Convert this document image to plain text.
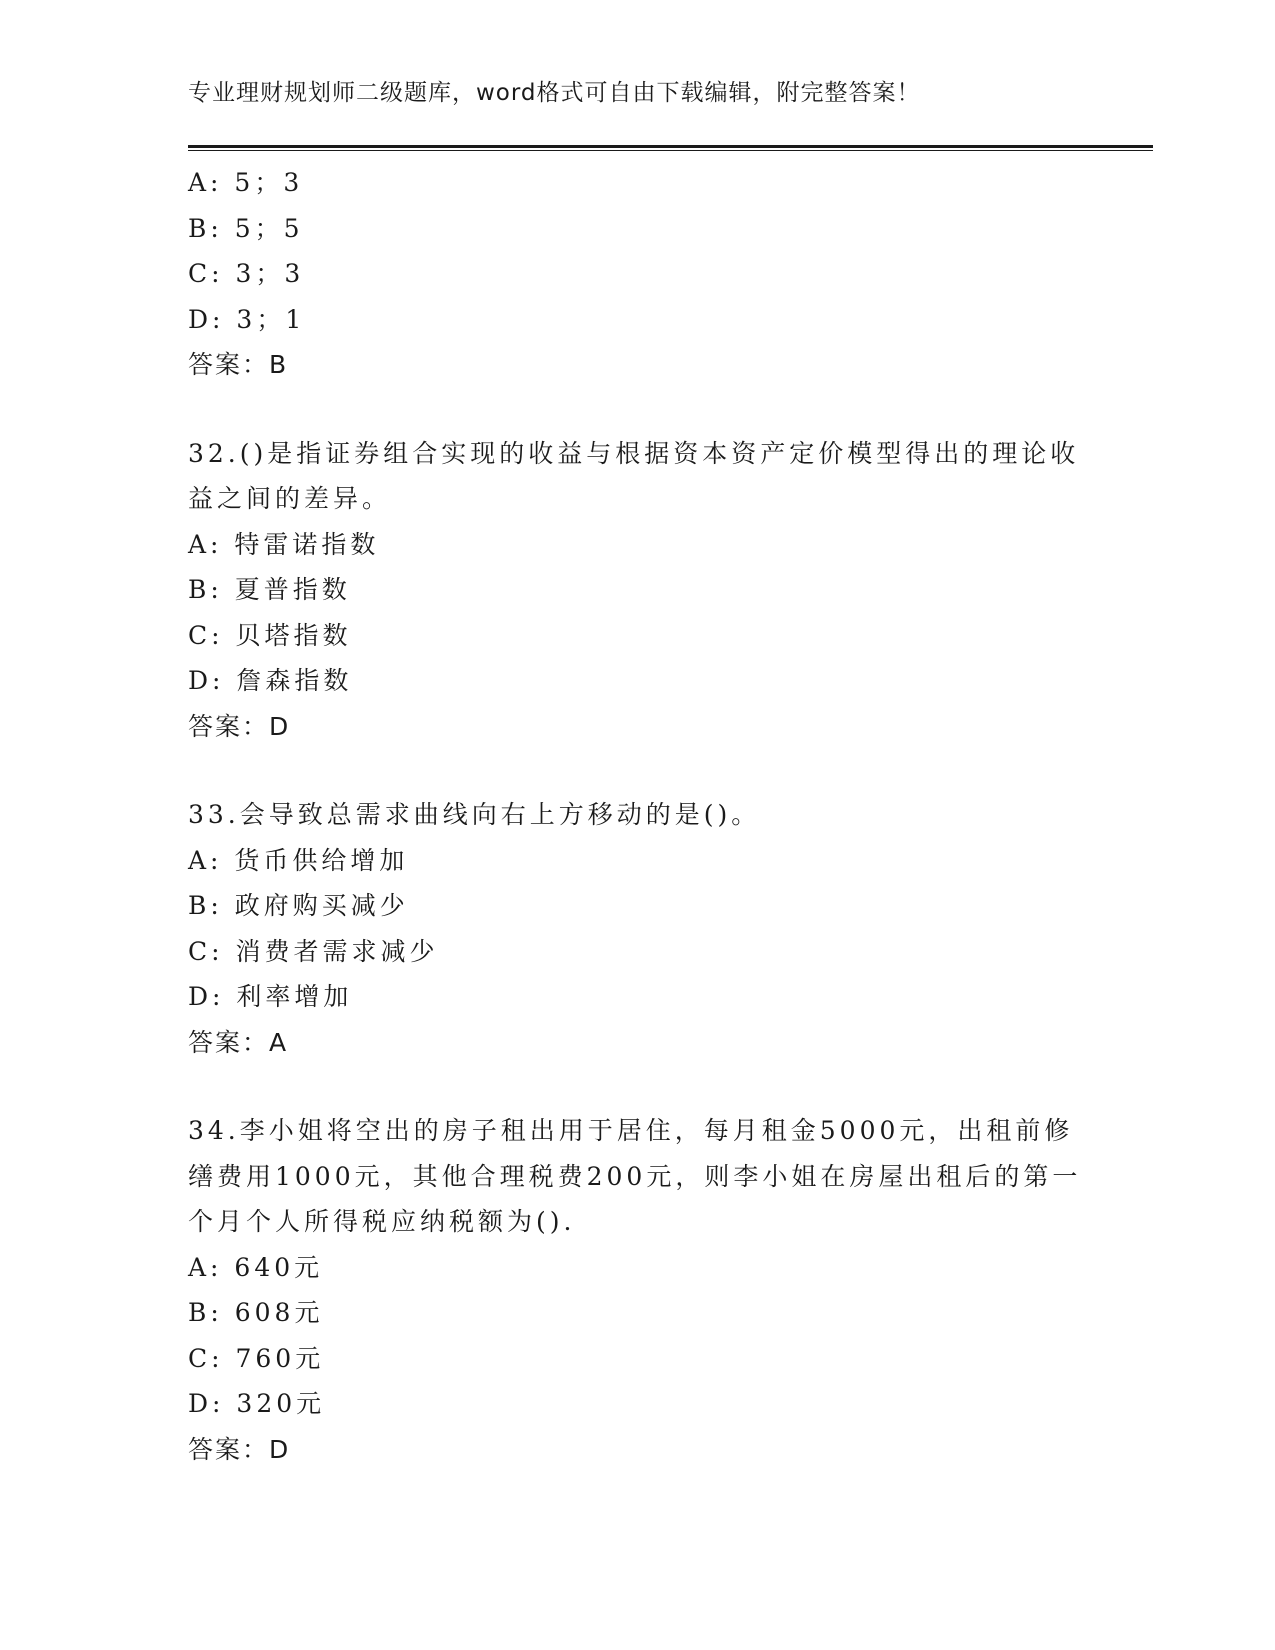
专业理财规划师二级题库，word格式可自由下载编辑，附完整答案！
A: 5；3
B: 5；5
C: 3；3
D: 3；1
答案：B
32.()是指证券组合实现的收益与根据资本资产定价模型得出的理论收
益之间的差异。
A: 特雷诺指数
B: 夏普指数
C: 贝塔指数
D: 詹森指数
答案：D
33.会导致总需求曲线向右上方移动的是()。
A: 货币供给增加
B: 政府购买减少
C: 消费者需求减少
D: 利率增加
答案：A
34.李小姐将空出的房子租出用于居住，每月租金5000元，出租前修
缮费用1000元，其他合理税费200元，则李小姐在房屋出租后的第一
个月个人所得税应纳税额为().
A: 640元
B: 608元
C: 760元
D: 320元
答案：D
